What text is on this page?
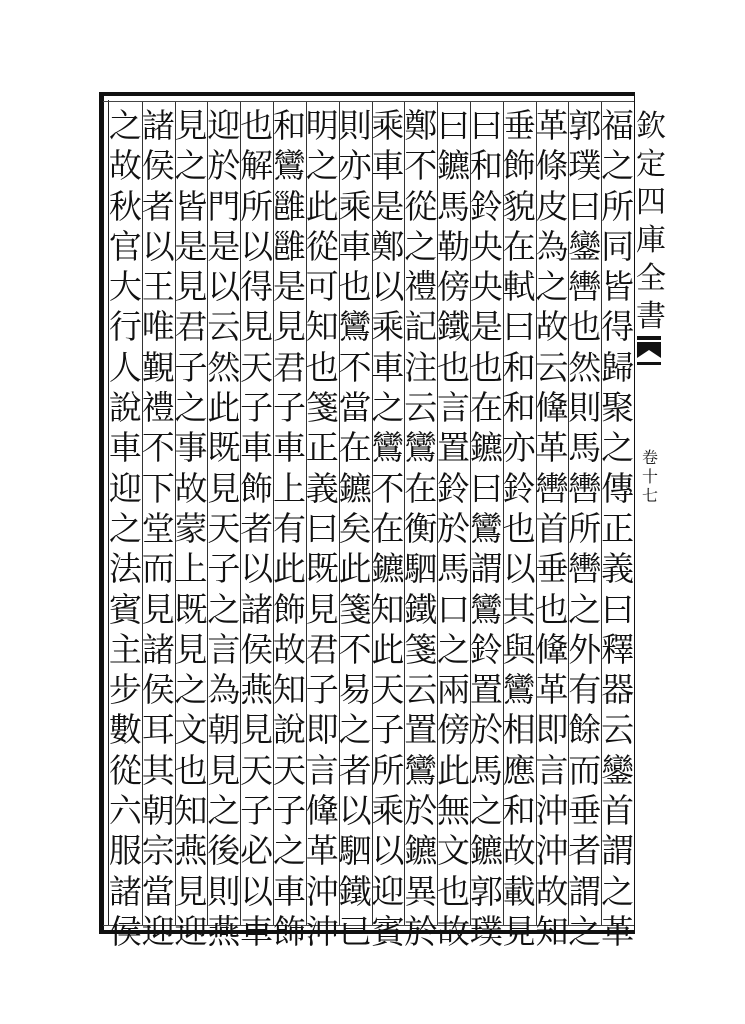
福
之
所
同
皆
得
歸
聚
之
傳
正
義
曰
釋
器
云
鑾
首
謂
之
革
郭
璞
曰
鑾
轡
也
然
則
馬
轡
所
轡
之
外
有
餘
而
垂
者
謂
之
革
條
皮
為
之
故
云
鞗
革
轡
首
垂
也
鞗
革
即
言
沖
沖
故
知
垂
飾
貌
在
軾
曰
和
和
亦
鈴
也
以
其
與
鸞
相
應
和
故
載
見
曰
和
鈴
央
央
是
也
在
鑣
曰
鸞
謂
鸞
鈴
置
於
馬
之
鑣
郭
璞
曰
鑣
馬
勒
傍
鐵
也
言
置
鈴
於
馬
口
之
兩
傍
此
無
文
也
故
鄭
不
從
之
禮
記
注
云
鸞
在
衡
駟
鐵
箋
云
置
鸞
於
鑣
異
於
乘
車
是
鄭
以
乘
車
之
鸞
不
在
鑣
知
此
天
子
所
乘
以
迎
賓
則
亦
乘
車
也
鸞
不
當
在
鑣
矣
此
箋
不
易
之
者
以
駟
鐵
已
明
之
此
從
可
知
也
箋
正
義
曰
既
見
君
子
即
言
鞗
革
沖
沖
和
鸞
雝
雝
是
見
君
子
車
上
有
此
飾
故
知
說
天
子
之
車
飾
也
解
所
以
得
見
天
子
車
飾
者
以
諸
侯
燕
見
天
子
必
以
車
迎
於
門
是
以
云
然
此
既
見
天
子
之
言
為
朝
見
之
後
則
燕
見
之
皆
是
見
君
子
之
事
故
蒙
上
既
見
之
文
也
知
燕
見
迎
諸
侯
者
以
王
唯
覲
禮
不
下
堂
而
見
諸
侯
耳
其
朝
宗
當
迎
之
故
秋
官
大
行
人
說
車
迎
之
法
賓
主
步
數
從
六
服
諸
侯
欽
定
四
庫
全
書
卷
十
七
